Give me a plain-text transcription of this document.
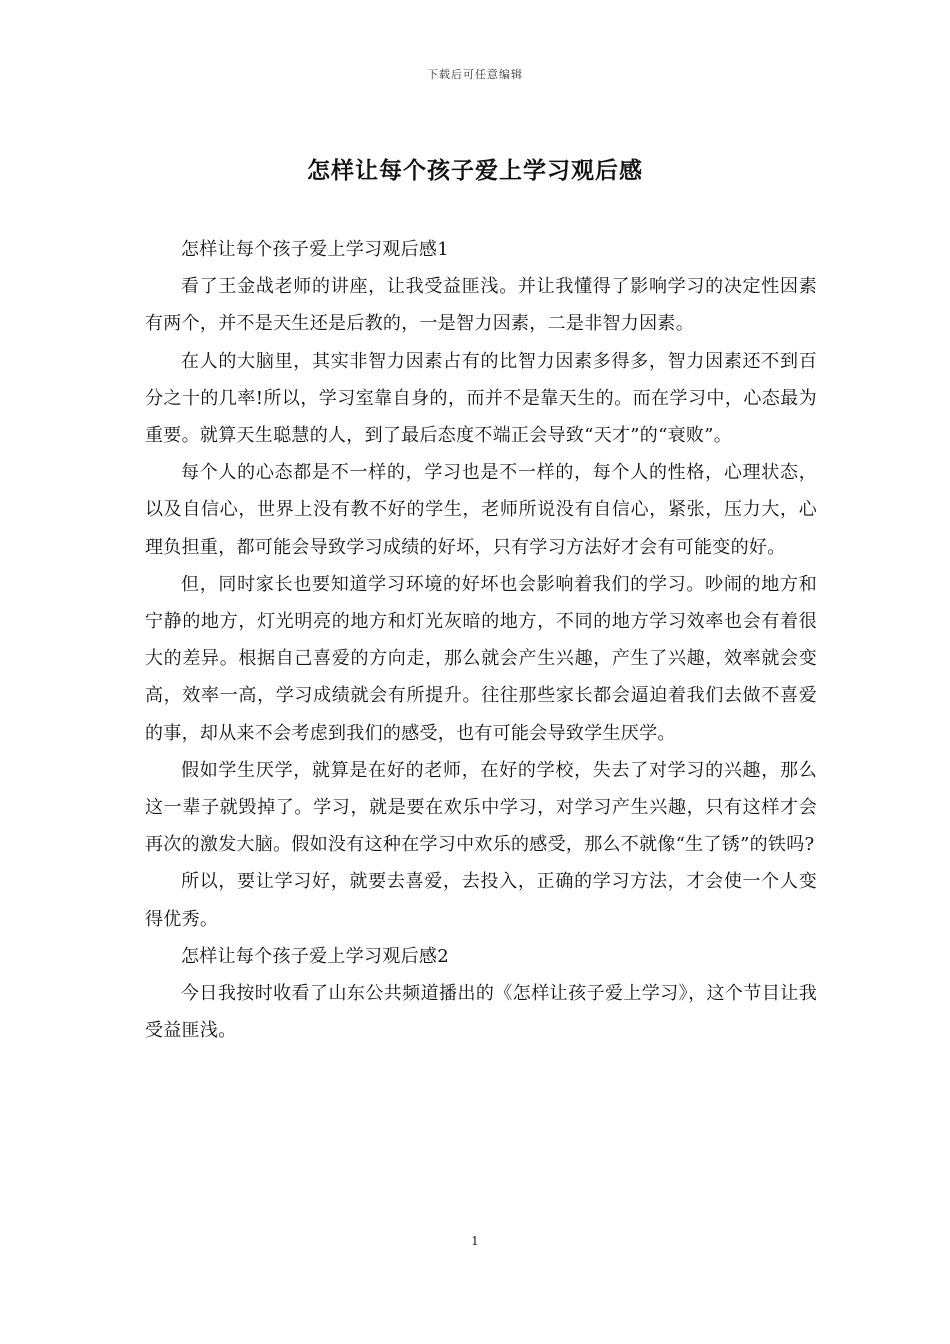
下载后可任意编辑
怎样让每个孩子爱上学习观后感

怎样让每个孩子爱上学习观后感1

看了王金战老师的讲座，让我受益匪浅。并让我懂得了影响学习的决定性因素有两个，并不是天生还是后教的，一是智力因素，二是非智力因素。

在人的大脑里，其实非智力因素占有的比智力因素多得多，智力因素还不到百分之十的几率!所以，学习室靠自身的，而并不是靠天生的。而在学习中，心态最为重要。就算天生聪慧的人，到了最后态度不端正会导致“天才”的“衰败”。

每个人的心态都是不一样的，学习也是不一样的，每个人的性格，心理状态，以及自信心，世界上没有教不好的学生，老师所说没有自信心，紧张，压力大，心理负担重，都可能会导致学习成绩的好坏，只有学习方法好才会有可能变的好。

但，同时家长也要知道学习环境的好坏也会影响着我们的学习。吵闹的地方和宁静的地方，灯光明亮的地方和灯光灰暗的地方，不同的地方学习效率也会有着很大的差异。根据自己喜爱的方向走，那么就会产生兴趣，产生了兴趣，效率就会变高，效率一高，学习成绩就会有所提升。往往那些家长都会逼迫着我们去做不喜爱的事，却从来不会考虑到我们的感受，也有可能会导致学生厌学。

假如学生厌学，就算是在好的老师，在好的学校，失去了对学习的兴趣，那么这一辈子就毁掉了。学习，就是要在欢乐中学习，对学习产生兴趣，只有这样才会再次的激发大脑。假如没有这种在学习中欢乐的感受，那么不就像“生了锈”的铁吗?

所以，要让学习好，就要去喜爱，去投入，正确的学习方法，才会使一个人变得优秀。

怎样让每个孩子爱上学习观后感2

今日我按时收看了山东公共频道播出的《怎样让孩子爱上学习》，这个节目让我受益匪浅。

1
